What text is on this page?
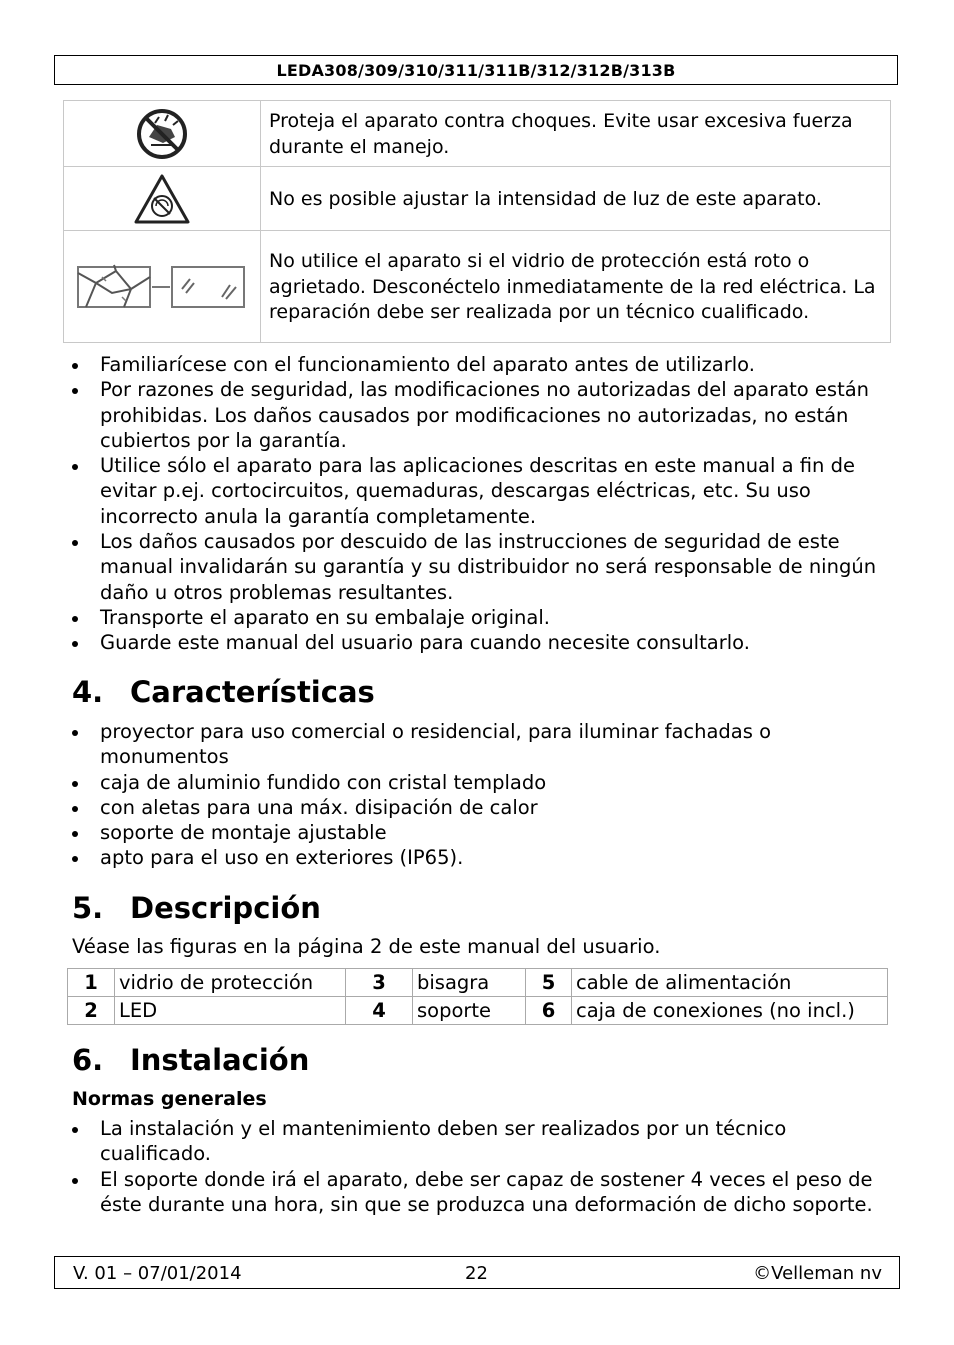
LEDA308/309/310/311/311B/312/312B/313B
	Proteja el aparato contra choques. Evite usar excesiva fuerza durante el manejo.

	No es posible ajustar la intensidad de luz de este aparato.

	No utilice el aparato si el vidrio de protección está roto o agrietado. Desconéctelo inmediatamente de la red eléctrica. La reparación debe ser realizada por un técnico cualificado.
Familiarícese con el funcionamiento del aparato antes de utilizarlo.
Por razones de seguridad, las modificaciones no autorizadas del aparato están prohibidas. Los daños causados por modificaciones no autorizadas, no están cubiertos por la garantía.
Utilice sólo el aparato para las aplicaciones descritas en este manual a fin de evitar p.ej. cortocircuitos, quemaduras, descargas eléctricas, etc. Su uso incorrecto anula la garantía completamente.
Los daños causados por descuido de las instrucciones de seguridad de este manual invalidarán su garantía y su distribuidor no será responsable de ningún daño u otros problemas resultantes.
Transporte el aparato en su embalaje original.
Guarde este manual del usuario para cuando necesite consultarlo.
4. Características
proyector para uso comercial o residencial, para iluminar fachadas o monumentos
caja de aluminio fundido con cristal templado
con aletas para una máx. disipación de calor
soporte de montaje ajustable
apto para el uso en exteriores (IP65).
5. Descripción

Véase las figuras en la página 2 de este manual del usuario.

1	vidrio de protección	3	bisagra	5	cable de alimentación
2	LED	4	soporte	6	caja de conexiones (no incl.)
6. Instalación
Normas generales
La instalación y el mantenimiento deben ser realizados por un técnico cualificado.
El soporte donde irá el aparato, debe ser capaz de sostener 4 veces el peso de éste durante una hora, sin que se produzca una deformación de dicho soporte.
V. 01 – 07/01/2014	22	©Velleman nv
